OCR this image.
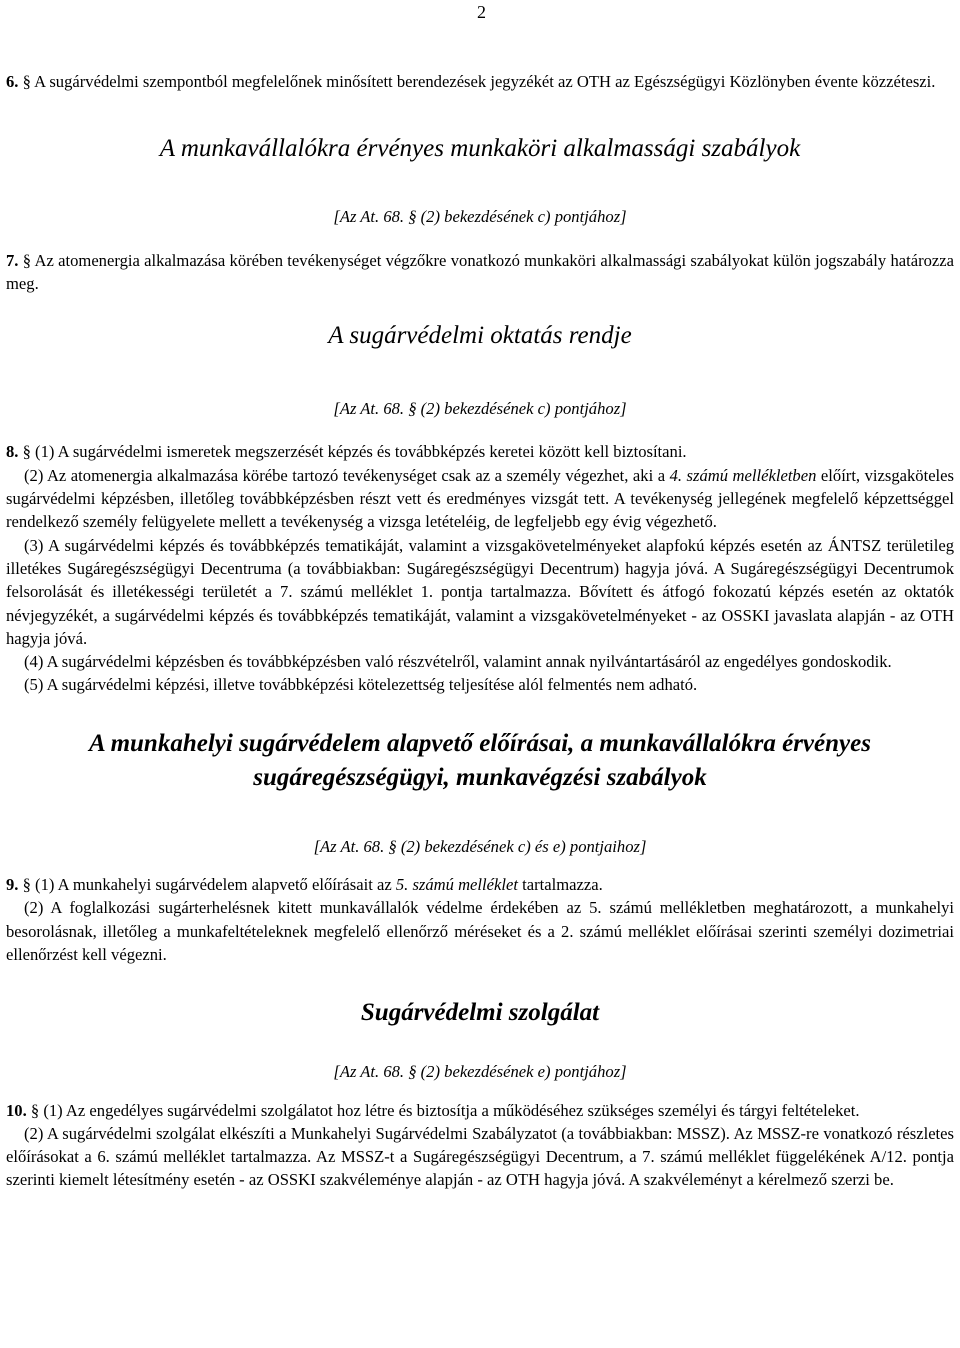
2

6. § A sugárvédelmi szempontból megfelelőnek minősített berendezések jegyzékét az OTH az Egészségügyi Közlönyben évente közzéteszi.

A munkavállalókra érvényes munkaköri alkalmassági szabályok

[Az At. 68. § (2) bekezdésének c) pontjához]

7. § Az atomenergia alkalmazása körében tevékenységet végzőkre vonatkozó munkaköri alkalmassági szabályokat külön jogszabály határozza meg.

A sugárvédelmi oktatás rendje

[Az At. 68. § (2) bekezdésének c) pontjához]

8. § (1) A sugárvédelmi ismeretek megszerzését képzés és továbbképzés keretei között kell biztosítani.

(2) Az atomenergia alkalmazása körébe tartozó tevékenységet csak az a személy végezhet, aki a 4. számú mellékletben előírt, vizsgaköteles sugárvédelmi képzésben, illetőleg továbbképzésben részt vett és eredményes vizsgát tett. A tevékenység jellegének megfelelő képzettséggel rendelkező személy felügyelete mellett a tevékenység a vizsga letételéig, de legfeljebb egy évig végezhető.

(3) A sugárvédelmi képzés és továbbképzés tematikáját, valamint a vizsgakövetelményeket alapfokú képzés esetén az ÁNTSZ területileg illetékes Sugáregészségügyi Decentruma (a továbbiakban: Sugáregészségügyi Decentrum) hagyja jóvá. A Sugáregészségügyi Decentrumok felsorolását és illetékességi területét a 7. számú melléklet 1. pontja tartalmazza. Bővített és átfogó fokozatú képzés esetén az oktatók névjegyzékét, a sugárvédelmi képzés és továbbképzés tematikáját, valamint a vizsgakövetelményeket - az OSSKI javaslata alapján - az OTH hagyja jóvá.

(4) A sugárvédelmi képzésben és továbbképzésben való részvételről, valamint annak nyilvántartásáról az engedélyes gondoskodik.

(5) A sugárvédelmi képzési, illetve továbbképzési kötelezettség teljesítése alól felmentés nem adható.

A munkahelyi sugárvédelem alapvető előírásai, a munkavállalókra érvényes sugáregészségügyi, munkavégzési szabályok

[Az At. 68. § (2) bekezdésének c) és e) pontjaihoz]

9. § (1) A munkahelyi sugárvédelem alapvető előírásait az 5. számú melléklet tartalmazza.

(2) A foglalkozási sugárterhelésnek kitett munkavállalók védelme érdekében az 5. számú mellékletben meghatározott, a munkahelyi besorolásnak, illetőleg a munkafeltételeknek megfelelő ellenőrző méréseket és a 2. számú melléklet előírásai szerinti személyi dozimetriai ellenőrzést kell végezni.

Sugárvédelmi szolgálat

[Az At. 68. § (2) bekezdésének e) pontjához]

10. § (1) Az engedélyes sugárvédelmi szolgálatot hoz létre és biztosítja a működéséhez szükséges személyi és tárgyi feltételeket.

(2) A sugárvédelmi szolgálat elkészíti a Munkahelyi Sugárvédelmi Szabályzatot (a továbbiakban: MSSZ). Az MSSZ-re vonatkozó részletes előírásokat a 6. számú melléklet tartalmazza. Az MSSZ-t a Sugáregészségügyi Decentrum, a 7. számú melléklet függelékének A/12. pontja szerinti kiemelt létesítmény esetén - az OSSKI szakvéleménye alapján - az OTH hagyja jóvá. A szakvéleményt a kérelmező szerzi be.
